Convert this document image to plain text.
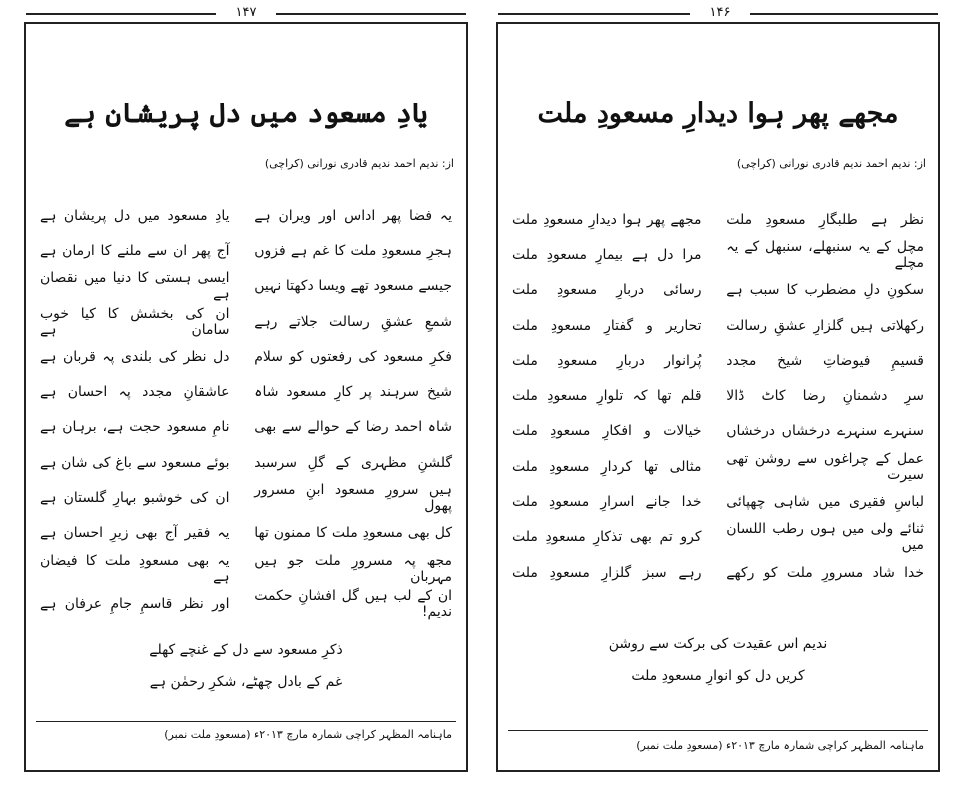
یادِ مسعود میں دل پریشان ہے
از: ندیم احمد ندیم قادری نورانی (کراچی)
یہ فضا پھر اداس اور ویران ہے
یادِ مسعود میں دل پریشان ہے
ہجرِ مسعودِ ملت کا غم ہے فزوں
آج پھر ان سے ملنے کا ارمان ہے
جیسے مسعود تھے ویسا دکھتا نہیں
ایسی ہستی کا دنیا میں نقصان ہے
شمعِ عشقِ رسالت جلاتے رہے
ان کی بخشش کا کیا خوب سامان ہے
فکرِ مسعود کی رفعتوں کو سلام
دل نظر کی بلندی پہ قربان ہے
شیخ سرہند پر کارِ مسعود شاہ
عاشقانِ مجدد پہ احسان ہے
شاہ احمد رضا کے حوالے سے بھی
نامِ مسعود حجت ہے، برہان ہے
گلشنِ مظہری کے گلِ سرسبد
بوئے مسعود سے باغ کی شان ہے
ہیں سرورِ مسعود ابنِ مسرور پھول
ان کی خوشبو بہارِ گلستان ہے
کل بھی مسعودِ ملت کا ممنون تھا
یہ فقیر آج بھی زیرِ احسان ہے
مجھ پہ مسرورِ ملت جو ہیں مہربان
یہ بھی مسعودِ ملت کا فیضان ہے
ان کے لب ہیں گل افشانِ حکمت ندیم!
اور نظر قاسمِ جامِ عرفان ہے
ذکرِ مسعود سے دل کے غنچے کھلے
غم کے بادل چھٹے، شکرِ رحمٰن ہے
ماہنامہ المظہر کراچی شمارہ مارچ ۲۰۱۳ء (مسعودِ ملت نمبر)
۱۴۷
مجھے پھر ہوا دیدارِ مسعودِ ملت
از: ندیم احمد ندیم قادری نورانی (کراچی)
نظر ہے طلبگارِ مسعودِ ملت
مجھے پھر ہوا دیدارِ مسعودِ ملت
مچل کے یہ سنبھلے، سنبھل کے یہ مچلے
مرا دل ہے بیمارِ مسعودِ ملت
سکونِ دلِ مضطرب کا سبب ہے
رسائی دربارِ مسعودِ ملت
رکھلاتی ہیں گلزارِ عشقِ رسالت
تحاریر و گفتارِ مسعودِ ملت
قسیمِ فیوضاتِ شیخ مجدد
پُرانوار دربارِ مسعودِ ملت
سرِ دشمنانِ رضا کاٹ ڈالا
قلم تھا کہ تلوارِ مسعودِ ملت
سنہرے سنہرے درخشاں درخشاں
خیالات و افکارِ مسعودِ ملت
عمل کے چراغوں سے روشن تھی سیرت
مثالی تھا کردارِ مسعودِ ملت
لباسِ فقیری میں شاہی چھپائی
خدا جانے اسرارِ مسعودِ ملت
ثنائے ولی میں ہوں رطب اللسان میں
کرو تم بھی تذکارِ مسعودِ ملت
خدا شاد مسرورِ ملت کو رکھے
رہے سبز گلزارِ مسعودِ ملت
ندیم اس عقیدت کی برکت سے روشن
کریں دل کو انوارِ مسعودِ ملت
ماہنامہ المظہر کراچی شمارہ مارچ ۲۰۱۳ء (مسعودِ ملت نمبر)
۱۴۶
